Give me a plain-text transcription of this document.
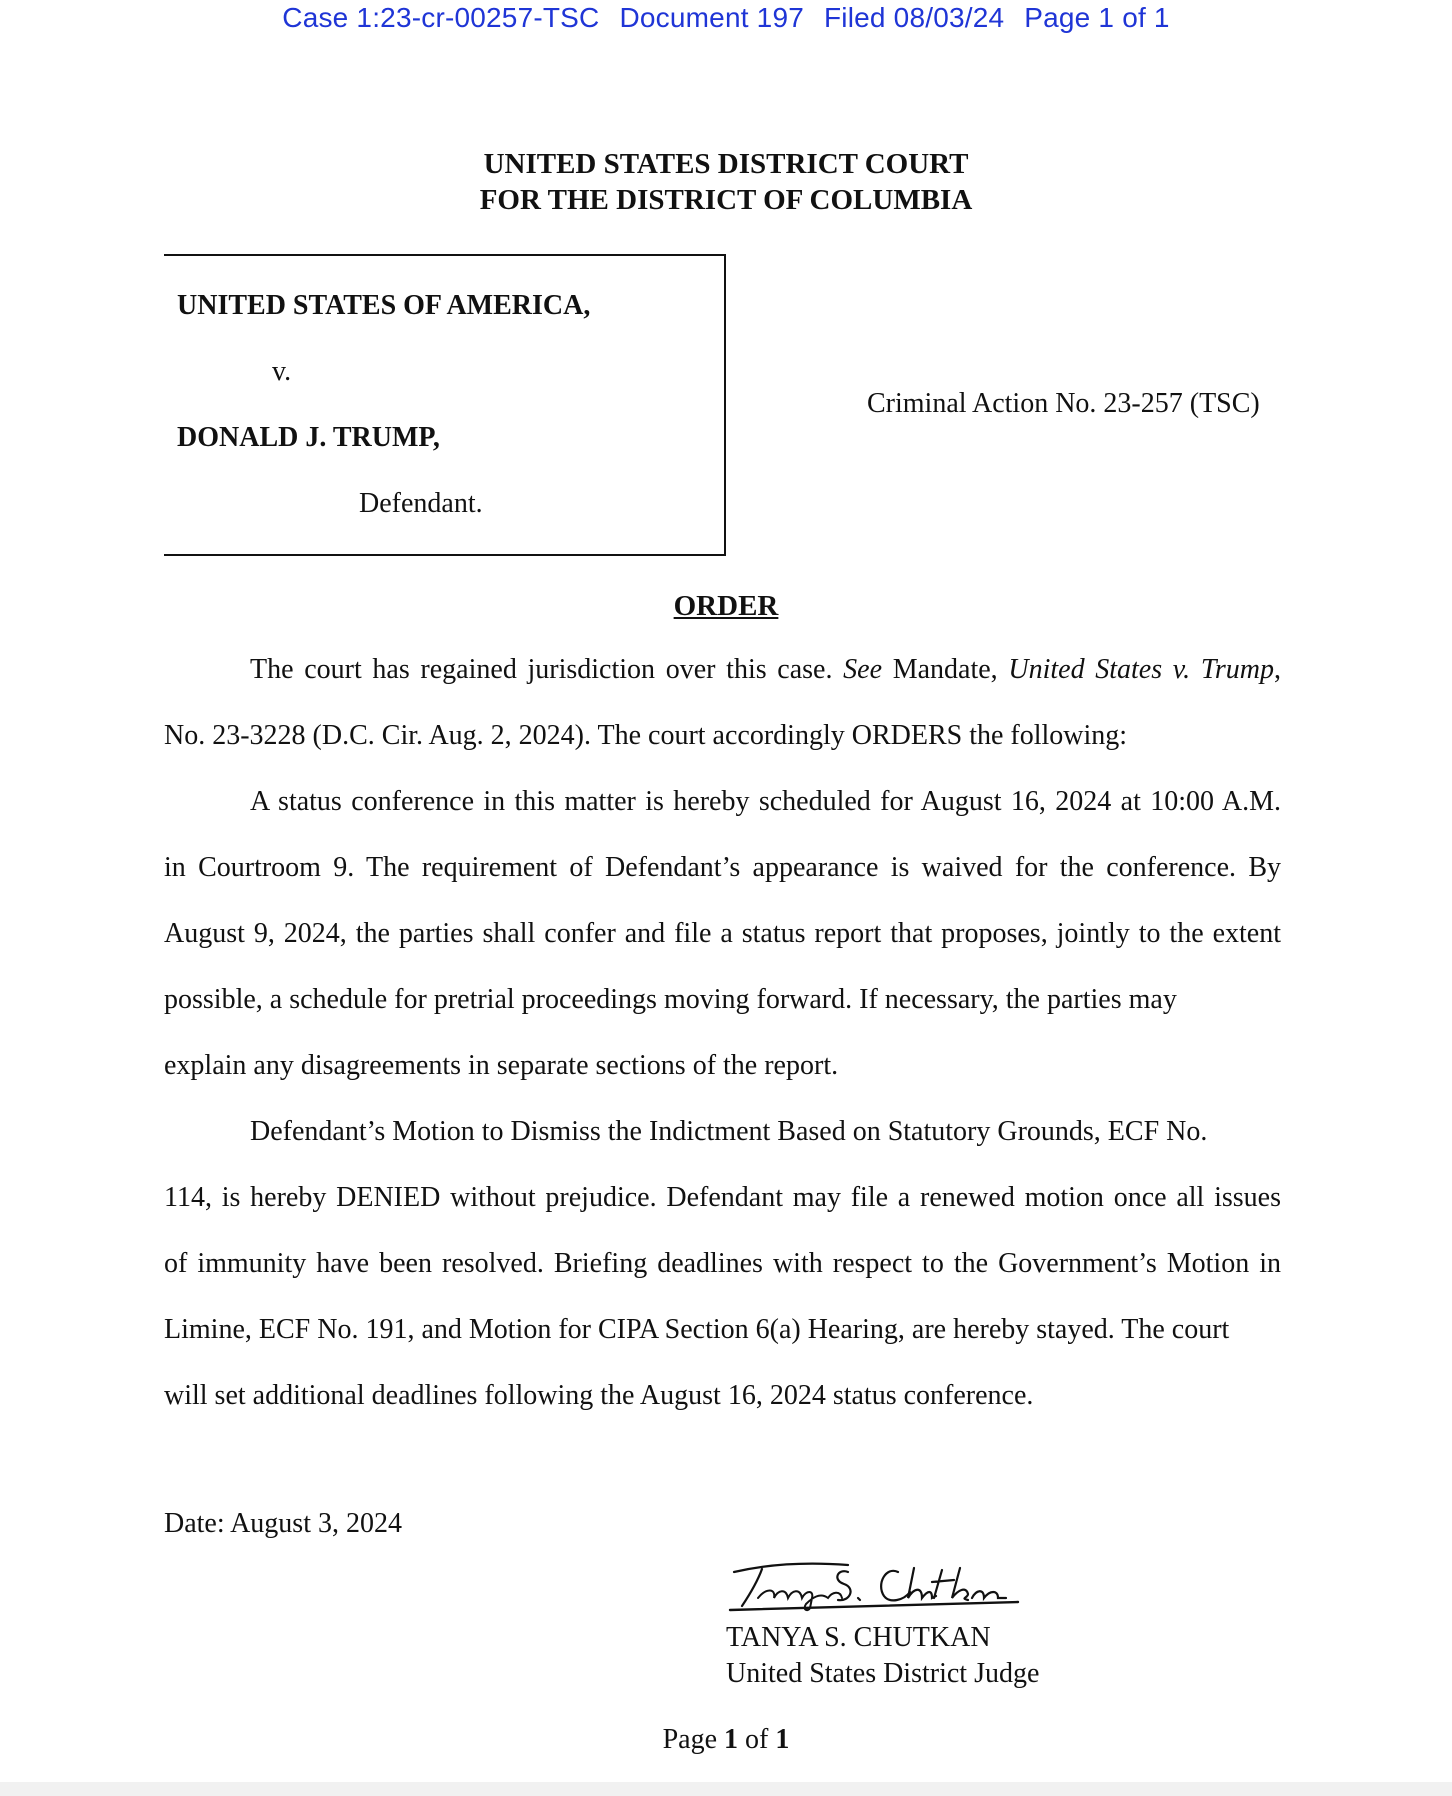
Case 1:23-cr-00257-TSC Document 197 Filed 08/03/24 Page 1 of 1
UNITED STATES DISTRICT COURT
FOR THE DISTRICT OF COLUMBIA
UNITED STATES OF AMERICA,
v.
DONALD J. TRUMP,
Defendant.
Criminal Action No. 23-257 (TSC)
ORDER
The court has regained jurisdiction over this case. See Mandate, United States v. Trump,
No. 23-3228 (D.C. Cir. Aug. 2, 2024). The court accordingly ORDERS the following:
A status conference in this matter is hereby scheduled for August 16, 2024 at 10:00 A.M.
in Courtroom 9. The requirement of Defendant’s appearance is waived for the conference. By
August 9, 2024, the parties shall confer and file a status report that proposes, jointly to the extent
possible, a schedule for pretrial proceedings moving forward. If necessary, the parties may
explain any disagreements in separate sections of the report.
Defendant’s Motion to Dismiss the Indictment Based on Statutory Grounds, ECF No.
114, is hereby DENIED without prejudice. Defendant may file a renewed motion once all issues
of immunity have been resolved. Briefing deadlines with respect to the Government’s Motion in
Limine, ECF No. 191, and Motion for CIPA Section 6(a) Hearing, are hereby stayed. The court
will set additional deadlines following the August 16, 2024 status conference.
Date: August 3, 2024
TANYA S. CHUTKAN
United States District Judge
Page 1 of 1
